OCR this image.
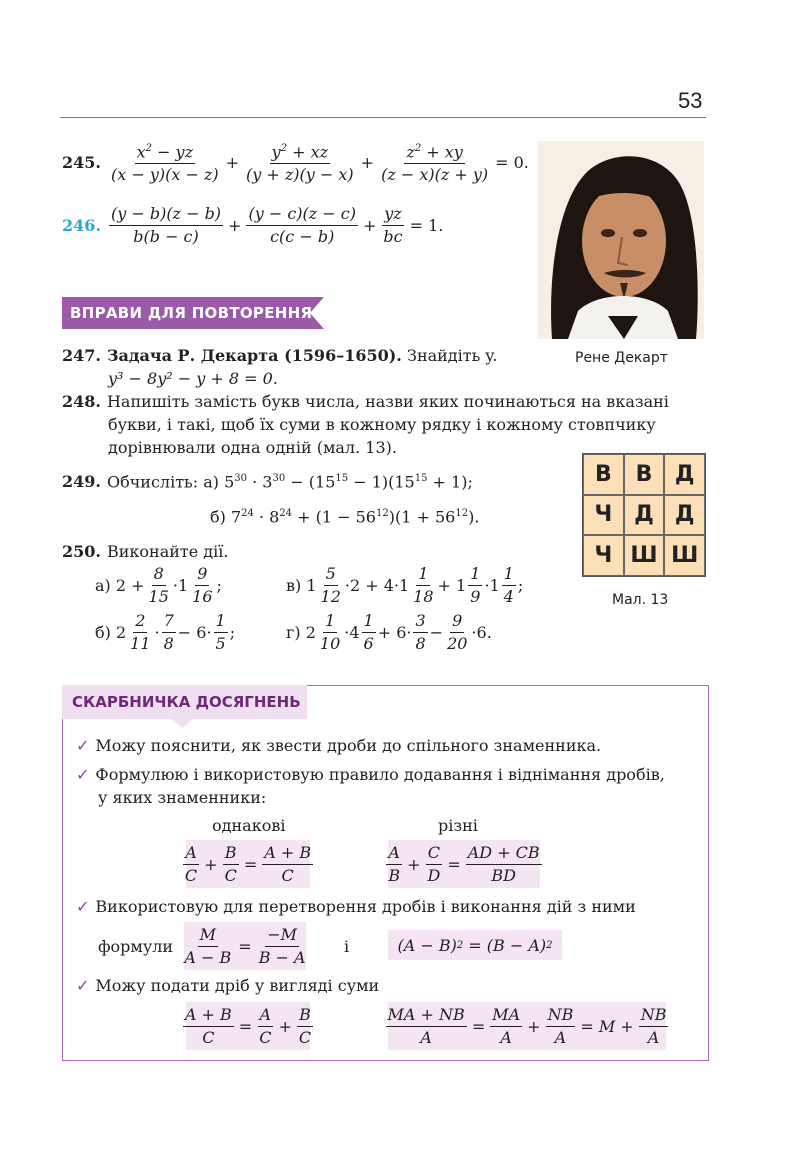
53
245.
$x^2$ − yz
(x − y)(x − z)
+ $\frac{y^2 + xz}{(y + z)(y - x)} + \frac{z^2 + xy}{(z - x)(z + y)} = 0$.
246.
(y − b)(z − b)
b(b − c)
+ $\frac{(y - c)(z - c)}{c(c - b)} + \frac{yz}{bc} = 1$.
Рене Декарт
ВПРАВИ ДЛЯ ПОВТОРЕННЯ
247. Задача Р. Декарта (1596–1650). Знайдіть y.
y³ − 8y² − y + 8 = 0.
248. Напишіть замість букв числа, назви яких починаються на вказані
букви, і такі, щоб їх суми в кожному рядку і кожному стовпчику
дорівнювали одна одній (мал. 13).
249. Обчисліть: а) $5^{30} \cdot 3^{30} - (15^{15} - 1)(15^{15} + 1)$;
б) $7^{24} \cdot 8^{24} + (1 - 56^{12})(1 + 56^{12})$.
В	В	Д
Ч Д Д
Ч Ш Ш
Мал. 13
250. Виконайте дії.
а) 2 +
8
15
·1
9
16
;	в) 1
5
12
·2 + 4·1
1
18
+ 1
1
9
·1
1
4
;
б) 2
2
11
·
7
8
− 6·
1
5
;	г) 2
1
10
·4
1
6
+ 6·
3
8
−
9
20
·6.
СКАРБНИЧКА ДОСЯГНЕНЬ
✓ Можу пояснити, як звести дроби до спільного знаменника.
✓ Формулюю і використовую правило додавання і віднімання дробів,
у яких знаменники:
однакові	різні
A
C
+ $\frac{B}{C} = \frac{A + B}{C}$	A
B
+ $\frac{C}{D} = \frac{AD + CB}{BD}$
✓ Використовую для перетворення дробів і виконання дій з ними
формули $\frac{M}{A - B} = \frac{-M}{B - A}$ і	(A − B) 2 = (B − A) 2
✓ Можу подати дріб у вигляді суми
$\frac{A + B}{C} = \frac{A}{C} + \frac{B}{C}$	$\frac{MA + NB}{A} = \frac{MA}{A} + \frac{NB}{A} = M + \frac{NB}{A}$
